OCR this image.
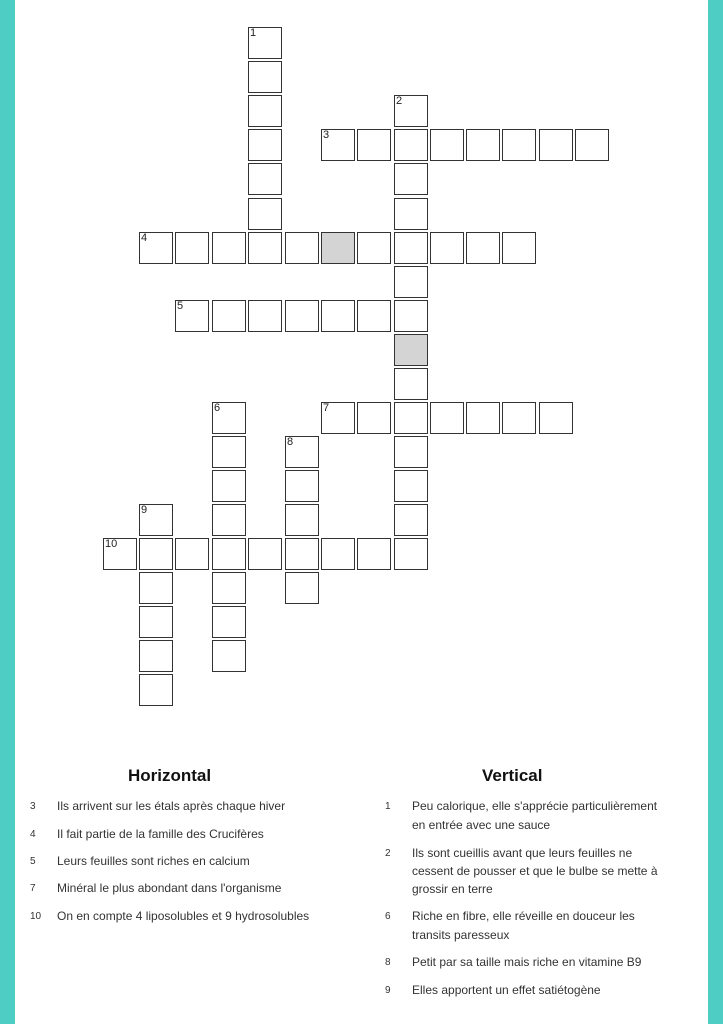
1
2
3
4
5
6	7
8
9
10
Horizontal	Vertical
3 Ils arrivent sur les étals après chaque hiver
4 Il fait partie de la famille des Crucifères
5 Leurs feuilles sont riches en calcium
7 Minéral le plus abondant dans l'organisme
10 On en compte 4 liposolubles et 9 hydrosolubles
1 Peu calorique, elle s'apprécie particulièrement
en entrée avec une sauce
2 Ils sont cueillis avant que leurs feuilles ne
cessent de pousser et que le bulbe se mette à
grossir en terre
6 Riche en fibre, elle réveille en douceur les
transits paresseux
8 Petit par sa taille mais riche en vitamine B9
9 Elles apportent un effet satiétogène
